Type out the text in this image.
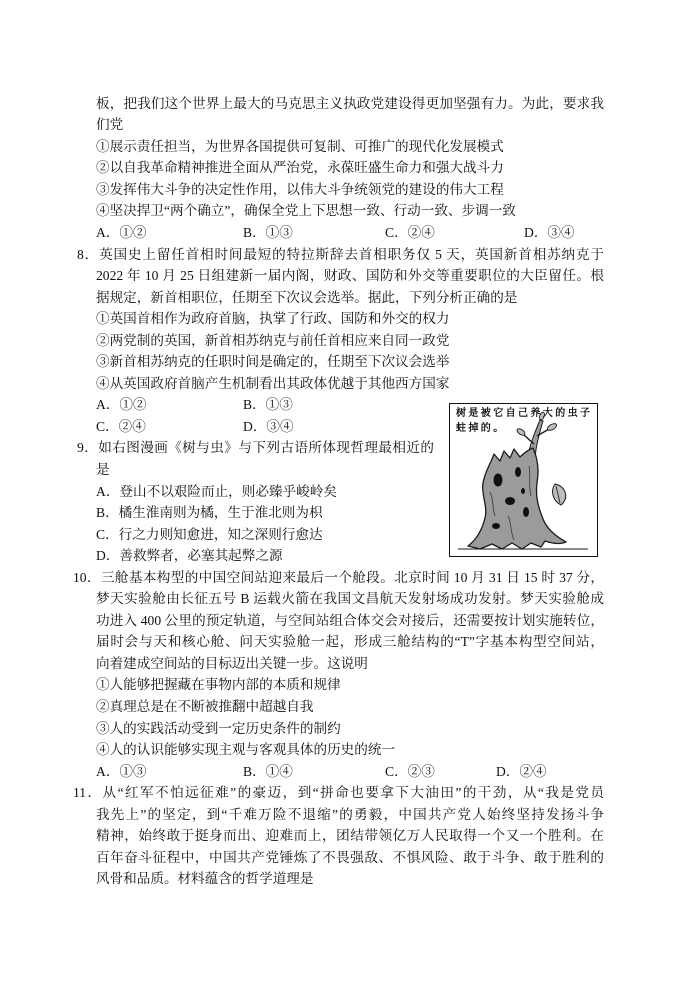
板，把我们这个世界上最大的马克思主义执政党建设得更加坚强有力。为此，要求我
们党
①展示责任担当，为世界各国提供可复制、可推广的现代化发展模式
②以自我革命精神推进全面从严治党，永葆旺盛生命力和强大战斗力
③发挥伟大斗争的决定性作用，以伟大斗争统领党的建设的伟大工程
④坚决捍卫“两个确立”，确保全党上下思想一致、行动一致、步调一致
A．①②	B．①③	C．②④	D．③④
8．英国史上留任首相时间最短的特拉斯辞去首相职务仅 5 天，英国新首相苏纳克于
2022 年 10 月 25 日组建新一届内阁，财政、国防和外交等重要职位的大臣留任。根
据规定，新首相职位，任期至下次议会选举。据此，下列分析正确的是
①英国首相作为政府首脑，执掌了行政、国防和外交的权力
②两党制的英国，新首相苏纳克与前任首相应来自同一政党
③新首相苏纳克的任职时间是确定的，任期至下次议会选举
④从英国政府首脑产生机制看出其政体优越于其他西方国家
A．①②	B．①③
C．②④	D．③④
9．如右图漫画《树与虫》与下列古语所体现哲理最相近的
是
A．登山不以艰险而止，则必臻乎峻岭矣
B．橘生淮南则为橘，生于淮北则为枳
C．行之力则知愈进，知之深则行愈达
D．善救弊者，必塞其起弊之源
10．三舱基本构型的中国空间站迎来最后一个舱段。北京时间 10 月 31 日 15 时 37 分，
梦天实验舱由长征五号 B 运载火箭在我国文昌航天发射场成功发射。梦天实验舱成
功进入 400 公里的预定轨道，与空间站组合体交会对接后，还需要按计划实施转位，
届时会与天和核心舱、问天实验舱一起，形成三舱结构的“T”字基本构型空间站，
向着建成空间站的目标迈出关键一步。这说明
①人能够把握藏在事物内部的本质和规律
②真理总是在不断被推翻中超越自我
③人的实践活动受到一定历史条件的制约
④人的认识能够实现主观与客观具体的历史的统一
A．①③	B．①④	C．②③	D．②④
11．从“红军不怕远征难”的豪迈，到“拼命也要拿下大油田”的干劲，从“我是党员
我先上”的坚定，到“千难万险不退缩”的勇毅，中国共产党人始终坚持发扬斗争
精神，始终敢于挺身而出、迎难而上，团结带领亿万人民取得一个又一个胜利。在
百年奋斗征程中，中国共产党锤炼了不畏强敌、不惧风险、敢于斗争、敢于胜利的
风骨和品质。材料蕴含的哲学道理是
树是被它自己养大的虫子
蛀掉的。
